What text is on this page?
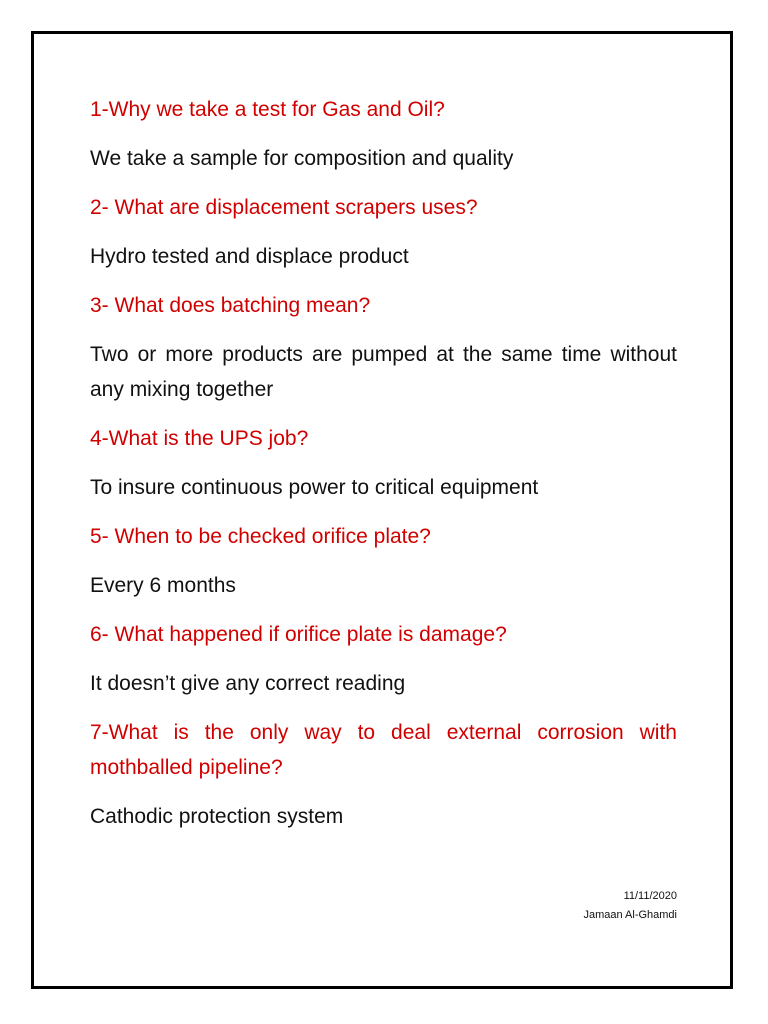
1-Why we take a test for Gas and Oil?

We take a sample for composition and quality

2- What are displacement scrapers uses?

Hydro tested and displace product

3- What does batching mean?

Two or more products are pumped at the same time without any mixing together

4-What is the UPS job?

To insure continuous power to critical equipment

5- When to be checked orifice plate?

Every 6 months

6- What happened if orifice plate is damage?

It doesn’t give any correct reading

7-What is the only way to deal external corrosion with mothballed pipeline?

Cathodic protection system

11/11/2020
Jamaan Al-Ghamdi
